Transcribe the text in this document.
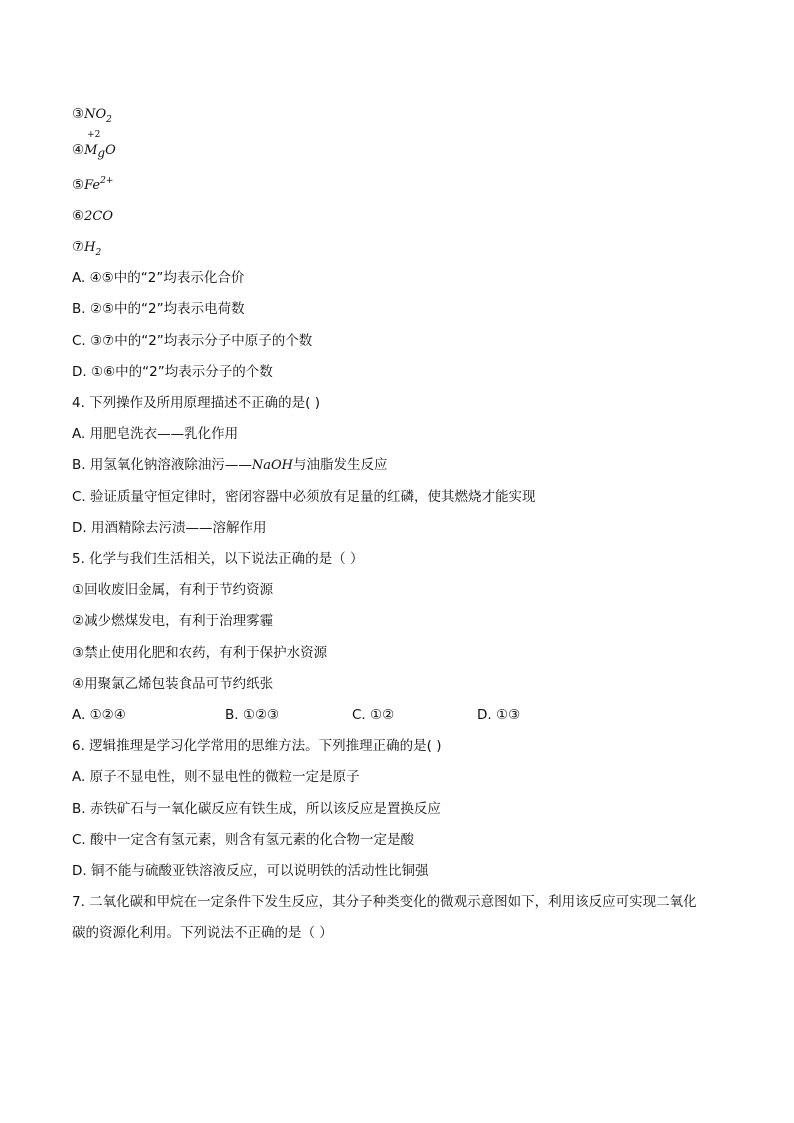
$③NO_2$
④
+2
MgO
$⑤Fe^{2+}$
⑥2CO
$⑦H_2$
A. ④⑤中的“2”均表示化合价
B. ②⑤中的“2”均表示电荷数
C. ③⑦中的“2”均表示分子中原子的个数
D. ①⑥中的“2”均表示分子的个数
4. 下列操作及所用原理描述不正确的是( )
A. 用肥皂洗衣——乳化作用
B. 用氢氧化钠溶液除油污——NaOH与油脂发生反应
C. 验证质量守恒定律时，密闭容器中必须放有足量的红磷，使其燃烧才能实现
D. 用酒精除去污渍——溶解作用
5. 化学与我们生活相关，以下说法正确的是（ ）
①回收废旧金属，有利于节约资源
②减少燃煤发电，有利于治理雾霾
③禁止使用化肥和农药，有利于保护水资源
④用聚氯乙烯包装食品可节约纸张
A. ①②④	B. ①②③	C. ①②	D. ①③
6. 逻辑推理是学习化学常用的思维方法。下列推理正确的是( )
A. 原子不显电性，则不显电性的微粒一定是原子
B. 赤铁矿石与一氧化碳反应有铁生成，所以该反应是置换反应
C. 酸中一定含有氢元素，则含有氢元素的化合物一定是酸
D. 铜不能与硫酸亚铁溶液反应，可以说明铁的活动性比铜强
7. 二氧化碳和甲烷在一定条件下发生反应，其分子种类变化的微观示意图如下，利用该反应可实现二氧化
碳的资源化利用。下列说法不正确的是（ ）
